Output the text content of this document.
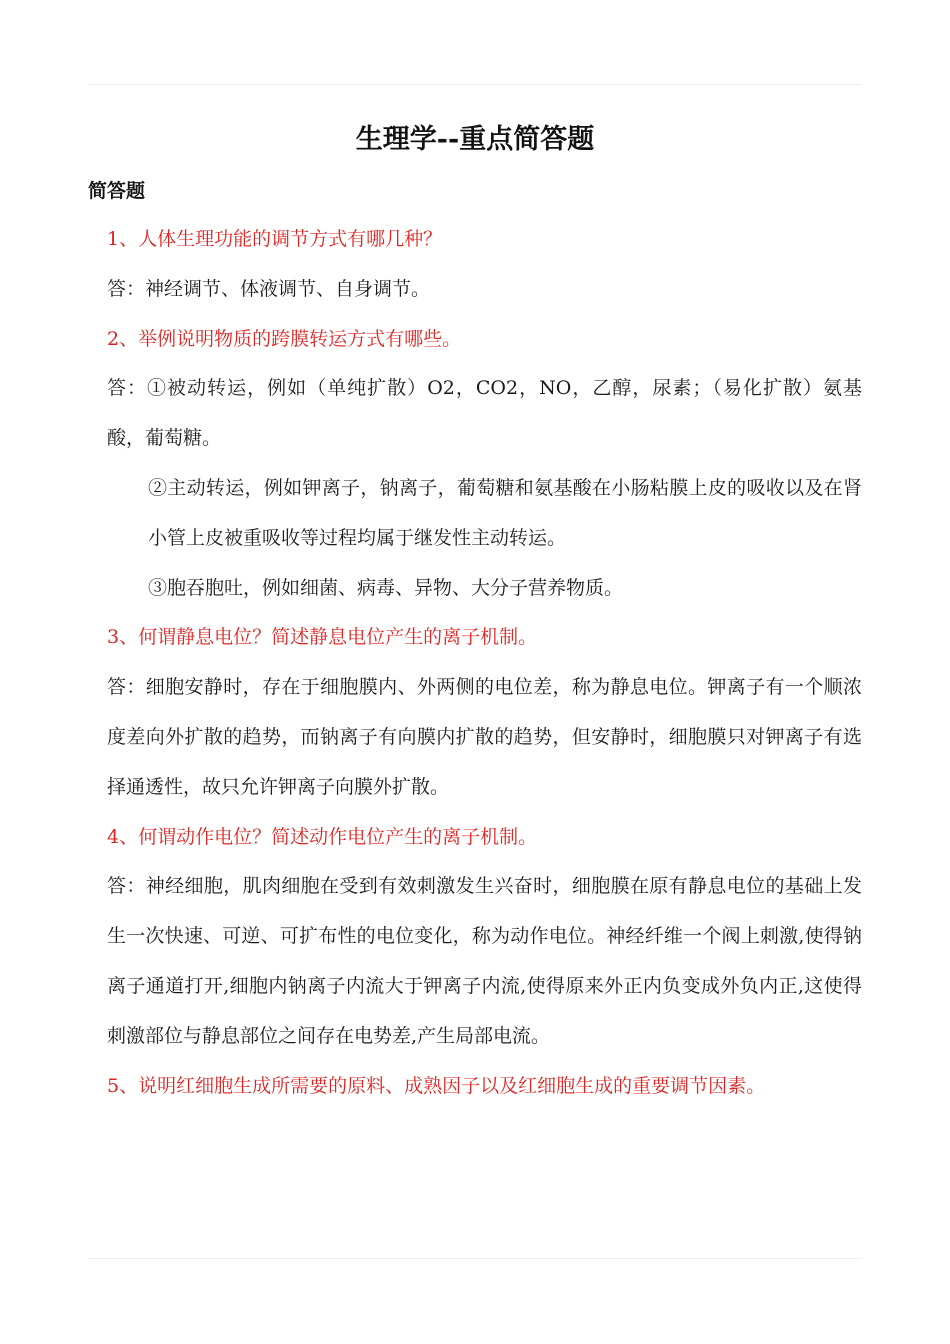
生理学--重点简答题
简答题

1、人体生理功能的调节方式有哪几种？

答：神经调节、体液调节、自身调节。

2、举例说明物质的跨膜转运方式有哪些。

答：①被动转运，例如（单纯扩散）O2，CO2，NO，乙醇，尿素；（易化扩散）氨基酸，葡萄糖。

②主动转运，例如钾离子，钠离子，葡萄糖和氨基酸在小肠粘膜上皮的吸收以及在肾小管上皮被重吸收等过程均属于继发性主动转运。

③胞吞胞吐，例如细菌、病毒、异物、大分子营养物质。

3、何谓静息电位？简述静息电位产生的离子机制。

答：细胞安静时，存在于细胞膜内、外两侧的电位差，称为静息电位。钾离子有一个顺浓度差向外扩散的趋势，而钠离子有向膜内扩散的趋势，但安静时，细胞膜只对钾离子有选择通透性，故只允许钾离子向膜外扩散。

4、何谓动作电位？简述动作电位产生的离子机制。

答：神经细胞，肌肉细胞在受到有效刺激发生兴奋时，细胞膜在原有静息电位的基础上发生一次快速、可逆、可扩布性的电位变化，称为动作电位。神经纤维一个阀上刺激,使得钠离子通道打开,细胞内钠离子内流大于钾离子内流,使得原来外正内负变成外负内正,这使得刺激部位与静息部位之间存在电势差,产生局部电流。

5、说明红细胞生成所需要的原料、成熟因子以及红细胞生成的重要调节因素。
